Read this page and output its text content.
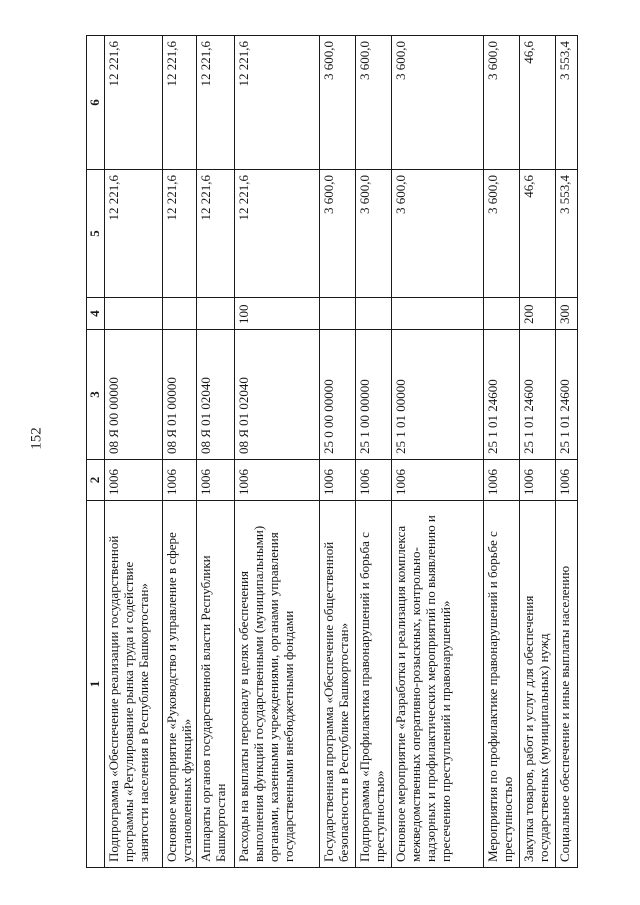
152
1	2	3	4	5	6
Подпрограмма «Обеспечение реализации государственной программы «Регулирование рынка труда и содействие занятости населения в Республике Башкортостан»	1006	08 Я 00 00000		12 221,6	12 221,6
Основное мероприятие «Руководство и управление в сфере установленных функций»	1006	08 Я 01 00000		12 221,6	12 221,6
Аппараты органов государственной власти Республики Башкортостан	1006	08 Я 01 02040		12 221,6	12 221,6
Расходы на выплаты персоналу в целях обеспечения выполнения функций государственными (муниципальными) органами, казенными учреждениями, органами управления государственными внебюджетными фондами	1006	08 Я 01 02040	100	12 221,6	12 221,6
Государственная программа «Обеспечение общественной безопасности в Республике Башкортостан»	1006	25 0 00 00000		3 600,0	3 600,0
Подпрограмма «Профилактика правонарушений и борьба с преступностью»	1006	25 1 00 00000		3 600,0	3 600,0
Основное мероприятие «Разработка и реализация комплекса межведомственных оперативно-розыскных, контрольно-надзорных и профилактических мероприятий по выявлению и пресечению преступлений и правонарушений»	1006	25 1 01 00000		3 600,0	3 600,0
Мероприятия по профилактике правонарушений и борьбе с преступностью	1006	25 1 01 24600		3 600,0	3 600,0
Закупка товаров, работ и услуг для обеспечения государственных (муниципальных) нужд	1006	25 1 01 24600	200	46,6	46,6
Социальное обеспечение и иные выплаты населению	1006	25 1 01 24600	300	3 553,4	3 553,4
